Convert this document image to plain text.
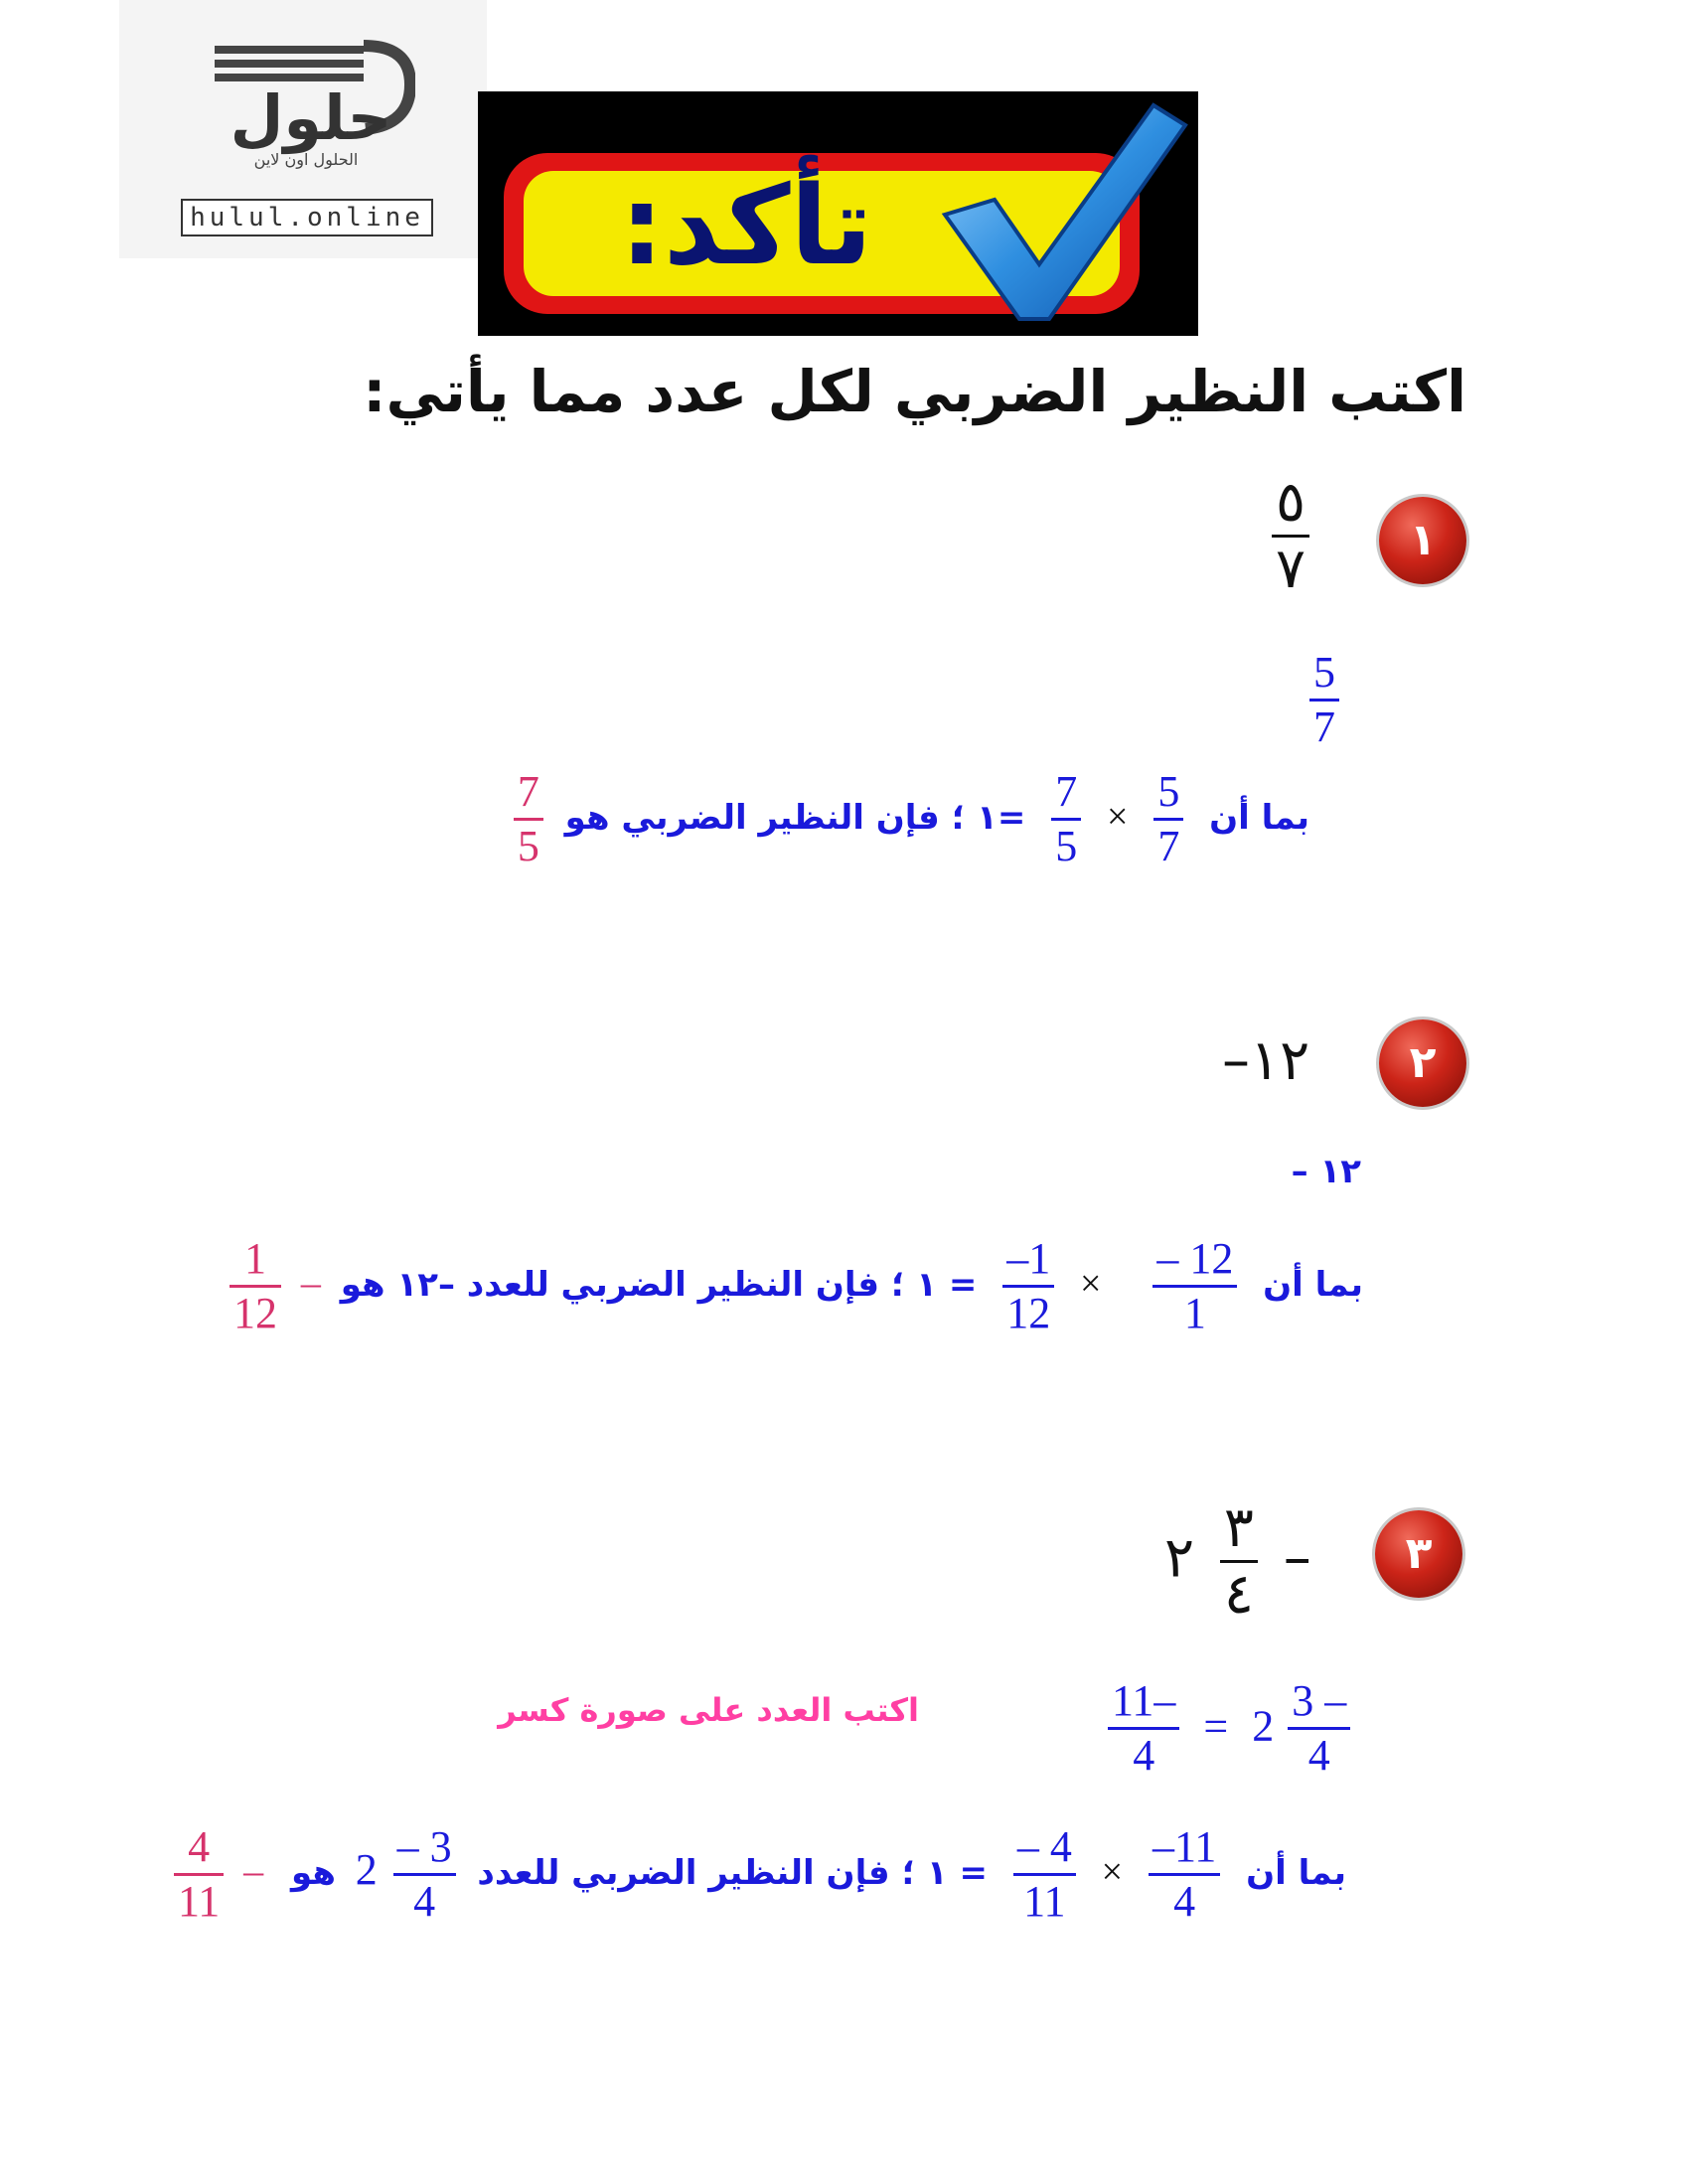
حلول
الحلول اون لاين
hulul.online تأكد:
اكتب النظير الضربي لكل عدد مما يأتي:
١
$\frac{٥}{٧}$
$\frac{5}{7}$
بما أن
$\frac{5}{7}$
×
$\frac{7}{5}$
=١ ؛ فإن النظير الضربي هو
$\frac{7}{5}$
٢
١٢–
١٢ –
بما أن
$\frac{12 -}{1}$
×
$\frac{1-}{12}$
= ١ ؛ فإن النظير الضربي للعدد –١٢ هو –
$\frac{1}{12}$
٣
–
$\frac{٣}{٤}$
٢
$\frac{11-}{4} = 2 \frac{3 -}{4}$
اكتب العدد على صورة كسر
بما أن
$\frac{11-}{4}$
×
$\frac{4 -}{11}$
= ١ ؛ فإن النظير الضربي للعدد
$\frac{3 -}{4}$
2 هو –
$\frac{4}{11}$
